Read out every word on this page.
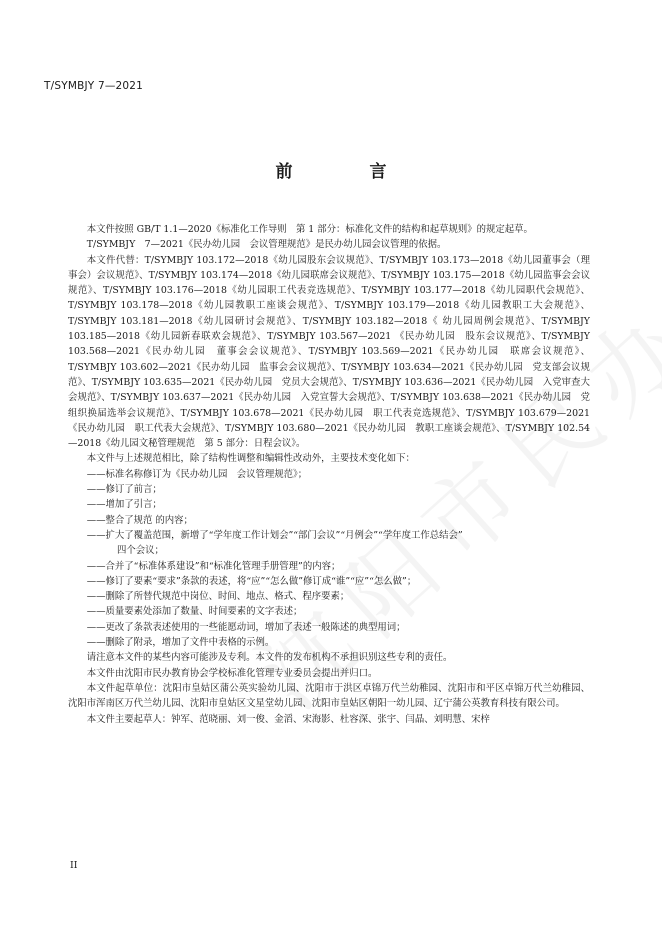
T/SYMBJY 7—2021
前　言

本文件按照 GB/T 1.1—2020《标准化工作导则　第 1 部分：标准化文件的结构和起草规则》的规定起草。

T/SYMBJY　7—2021《民办幼儿园　会议管理规范》是民办幼儿园会议管理的依据。

本文件代替：T/SYMBJY 103.172—2018《幼儿园股东会议规范》、T/SYMBJY 103.173—2018《幼儿园董事会（理事会）会议规范》、T/SYMBJY 103.174—2018《幼儿园联席会议规范》、T/SYMBJY 103.175—2018《幼儿园监事会会议规范》、T/SYMBJY 103.176—2018《幼儿园职工代表竞选规范》、T/SYMBJY 103.177—2018《幼儿园职代会规范》、T/SYMBJY 103.178—2018《幼儿园教职工座谈会规范》、T/SYMBJY 103.179—2018《幼儿园教职工大会规范》、T/SYMBJY 103.181—2018《幼儿园研讨会规范》、T/SYMBJY 103.182—2018《 幼儿园周例会规范》、T/SYMBJY 103.185—2018《幼儿园新春联欢会规范》、T/SYMBJY 103.567—2021 《民办幼儿园　股东会议规范》、T/SYMBJY 103.568—2021《民办幼儿园　董事会会议规范》、T/SYMBJY 103.569—2021《民办幼儿园　联席会议规范》、T/SYMBJY 103.602—2021《民办幼儿园　监事会会议规范》、T/SYMBJY 103.634—2021《民办幼儿园　党支部会议规范》、T/SYMBJY 103.635—2021《民办幼儿园　党员大会规范》、T/SYMBJY 103.636—2021《民办幼儿园　入党审查大会规范》、T/SYMBJY 103.637—2021《民办幼儿园　入党宣誓大会规范》、T/SYMBJY 103.638—2021《民办幼儿园　党组织换届选举会议规范》、T/SYMBJY 103.678—2021《民办幼儿园　职工代表竞选规范》、T/SYMBJY 103.679—2021《民办幼儿园　职工代表大会规范》、T/SYMBJY 103.680—2021《民办幼儿园　教职工座谈会规范》、T/SYMBJY 102.54—2018《幼儿园文秘管理规范　第 5 部分：日程会议》。

本文件与上述规范相比，除了结构性调整和编辑性改动外，主要技术变化如下：

——标准名称修订为《民办幼儿园　会议管理规范》；

——修订了前言；

——增加了引言；

——整合了规范 的内容；

——扩大了覆盖范围，新增了“学年度工作计划会”“部门会议”“月例会”“学年度工作总结会”

四个会议；

——合并了“标准体系建设”和“标准化管理手册管理”的内容；

——修订了要素“要求”条款的表述，将“应”“怎么做”修订成“谁”“应”“怎么做”；

——删除了所替代规范中岗位、时间、地点、格式、程序要素；

——质量要素处添加了数量、时间要素的文字表述；

——更改了条款表述使用的一些能愿动词，增加了表述一般陈述的典型用词；

——删除了附录，增加了文件中表格的示例。

请注意本文件的某些内容可能涉及专利。本文件的发布机构不承担识别这些专利的责任。

本文件由沈阳市民办教育协会学校标准化管理专业委员会提出并归口。

本文件起草单位：沈阳市皇姑区蒲公英实验幼儿园、沈阳市于洪区卓锦万代兰幼稚园、沈阳市和平区卓锦万代兰幼稚园、沈阳市浑南区万代兰幼儿园、沈阳市皇姑区文星堂幼儿园、沈阳市皇姑区朝阳一幼儿园、辽宁蒲公英教育科技有限公司。

本文件主要起草人：钟军、范晓丽、刘一俊、金滔、宋海影、杜容深、张宇、闫晶、刘明慧、宋梓

II
